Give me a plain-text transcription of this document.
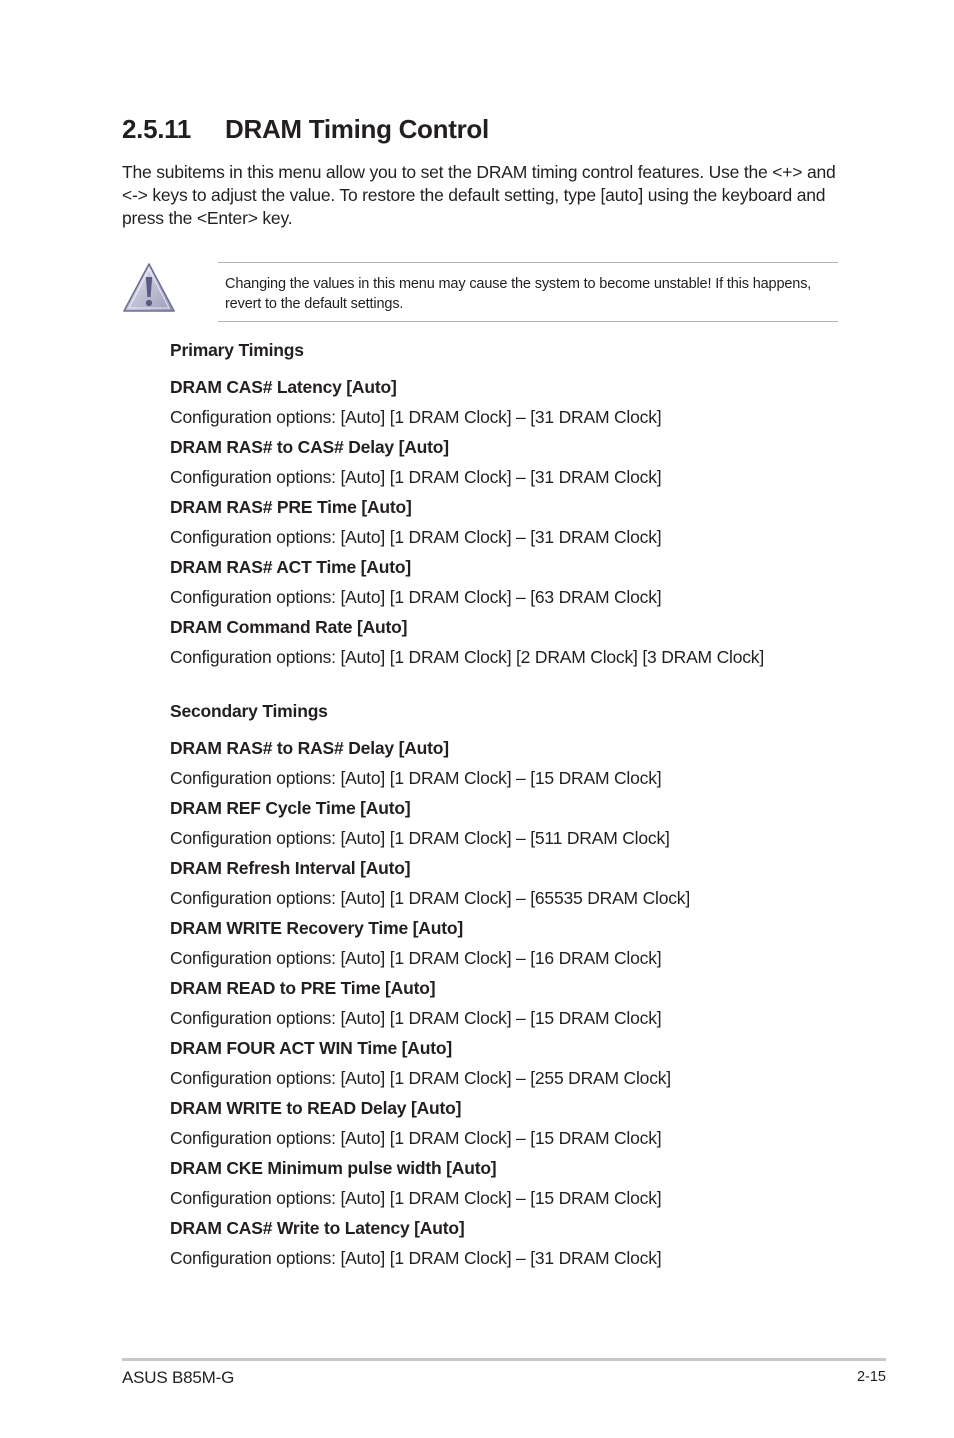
2.5.11 DRAM Timing Control

The subitems in this menu allow you to set the DRAM timing control features. Use the <+> and <-> keys to adjust the value. To restore the default setting, type [auto] using the keyboard and press the <Enter> key.

Changing the values in this menu may cause the system to become unstable! If this happens, revert to the default settings.

Primary Timings

DRAM CAS# Latency [Auto]

Configuration options: [Auto] [1 DRAM Clock] – [31 DRAM Clock]

DRAM RAS# to CAS# Delay [Auto]

Configuration options: [Auto] [1 DRAM Clock] – [31 DRAM Clock]

DRAM RAS# PRE Time [Auto]

Configuration options: [Auto] [1 DRAM Clock] – [31 DRAM Clock]

DRAM RAS# ACT Time [Auto]

Configuration options: [Auto] [1 DRAM Clock] – [63 DRAM Clock]

DRAM Command Rate [Auto]

Configuration options: [Auto] [1 DRAM Clock] [2 DRAM Clock] [3 DRAM Clock]

Secondary Timings

DRAM RAS# to RAS# Delay [Auto]

Configuration options: [Auto] [1 DRAM Clock] – [15 DRAM Clock]

DRAM REF Cycle Time [Auto]

Configuration options: [Auto] [1 DRAM Clock] – [511 DRAM Clock]

DRAM Refresh Interval [Auto]

Configuration options: [Auto] [1 DRAM Clock] – [65535 DRAM Clock]

DRAM WRITE Recovery Time [Auto]

Configuration options: [Auto] [1 DRAM Clock] – [16 DRAM Clock]

DRAM READ to PRE Time [Auto]

Configuration options: [Auto] [1 DRAM Clock] – [15 DRAM Clock]

DRAM FOUR ACT WIN Time [Auto]

Configuration options: [Auto] [1 DRAM Clock] – [255 DRAM Clock]

DRAM WRITE to READ Delay [Auto]

Configuration options: [Auto] [1 DRAM Clock] – [15 DRAM Clock]

DRAM CKE Minimum pulse width [Auto]

Configuration options: [Auto] [1 DRAM Clock] – [15 DRAM Clock]

DRAM CAS# Write to Latency [Auto]

Configuration options: [Auto] [1 DRAM Clock] – [31 DRAM Clock]

ASUS B85M-G	2-15
